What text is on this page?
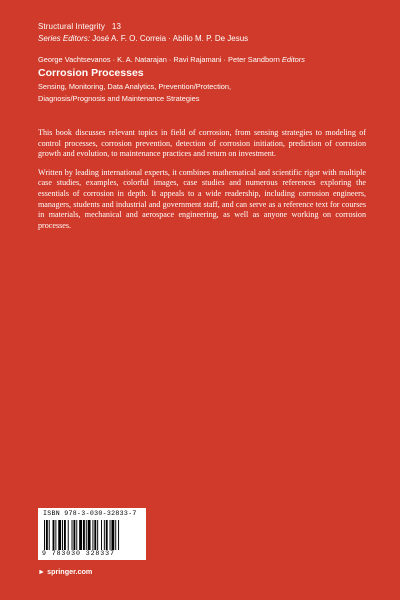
Structural Integrity 13
Series Editors: José A. F. O. Correia · Abílio M. P. De Jesus
George Vachtsevanos · K. A. Natarajan · Ravi Rajamani · Peter Sandborn Editors
Corrosion Processes
Sensing, Monitoring, Data Analytics, Prevention/Protection,
Diagnosis/Prognosis and Maintenance Strategies

This book discusses relevant topics in field of corrosion, from sensing strategies to modeling of control processes, corrosion prevention, detection of corrosion initiation, prediction of corrosion growth and evolution, to maintenance practices and return on investment.

Written by leading international experts, it combines mathematical and scientific rigor with multiple case studies, examples, colorful images, case studies and numerous references exploring the essentials of corrosion in depth. It appeals to a wide readership, including corrosion engineers, managers, students and industrial and government staff, and can serve as a reference text for courses in materials, mechanical and aerospace engineering, as well as anyone working on corrosion processes.

ISBN 978-3-030-32833-7
9 783030 328337
► springer.com
